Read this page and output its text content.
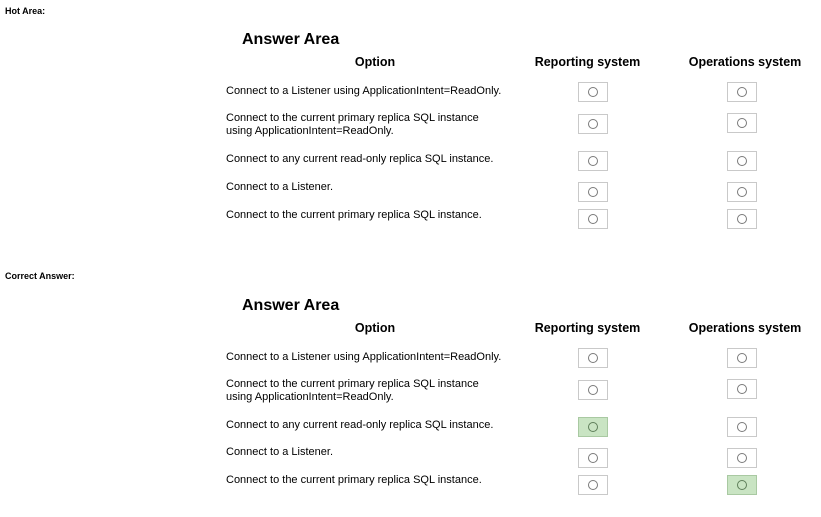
Hot Area:
Answer Area
Option	Reporting system	Operations system
Connect to a Listener using ApplicationIntent=ReadOnly.
Connect to the current primary replica SQL instance
using ApplicationIntent=ReadOnly.
Connect to any current read-only replica SQL instance.
Connect to a Listener.
Connect to the current primary replica SQL instance.
Correct Answer:
Answer Area
Option	Reporting system	Operations system
Connect to a Listener using ApplicationIntent=ReadOnly.
Connect to the current primary replica SQL instance
using ApplicationIntent=ReadOnly.
Connect to any current read-only replica SQL instance.
Connect to a Listener.
Connect to the current primary replica SQL instance.
